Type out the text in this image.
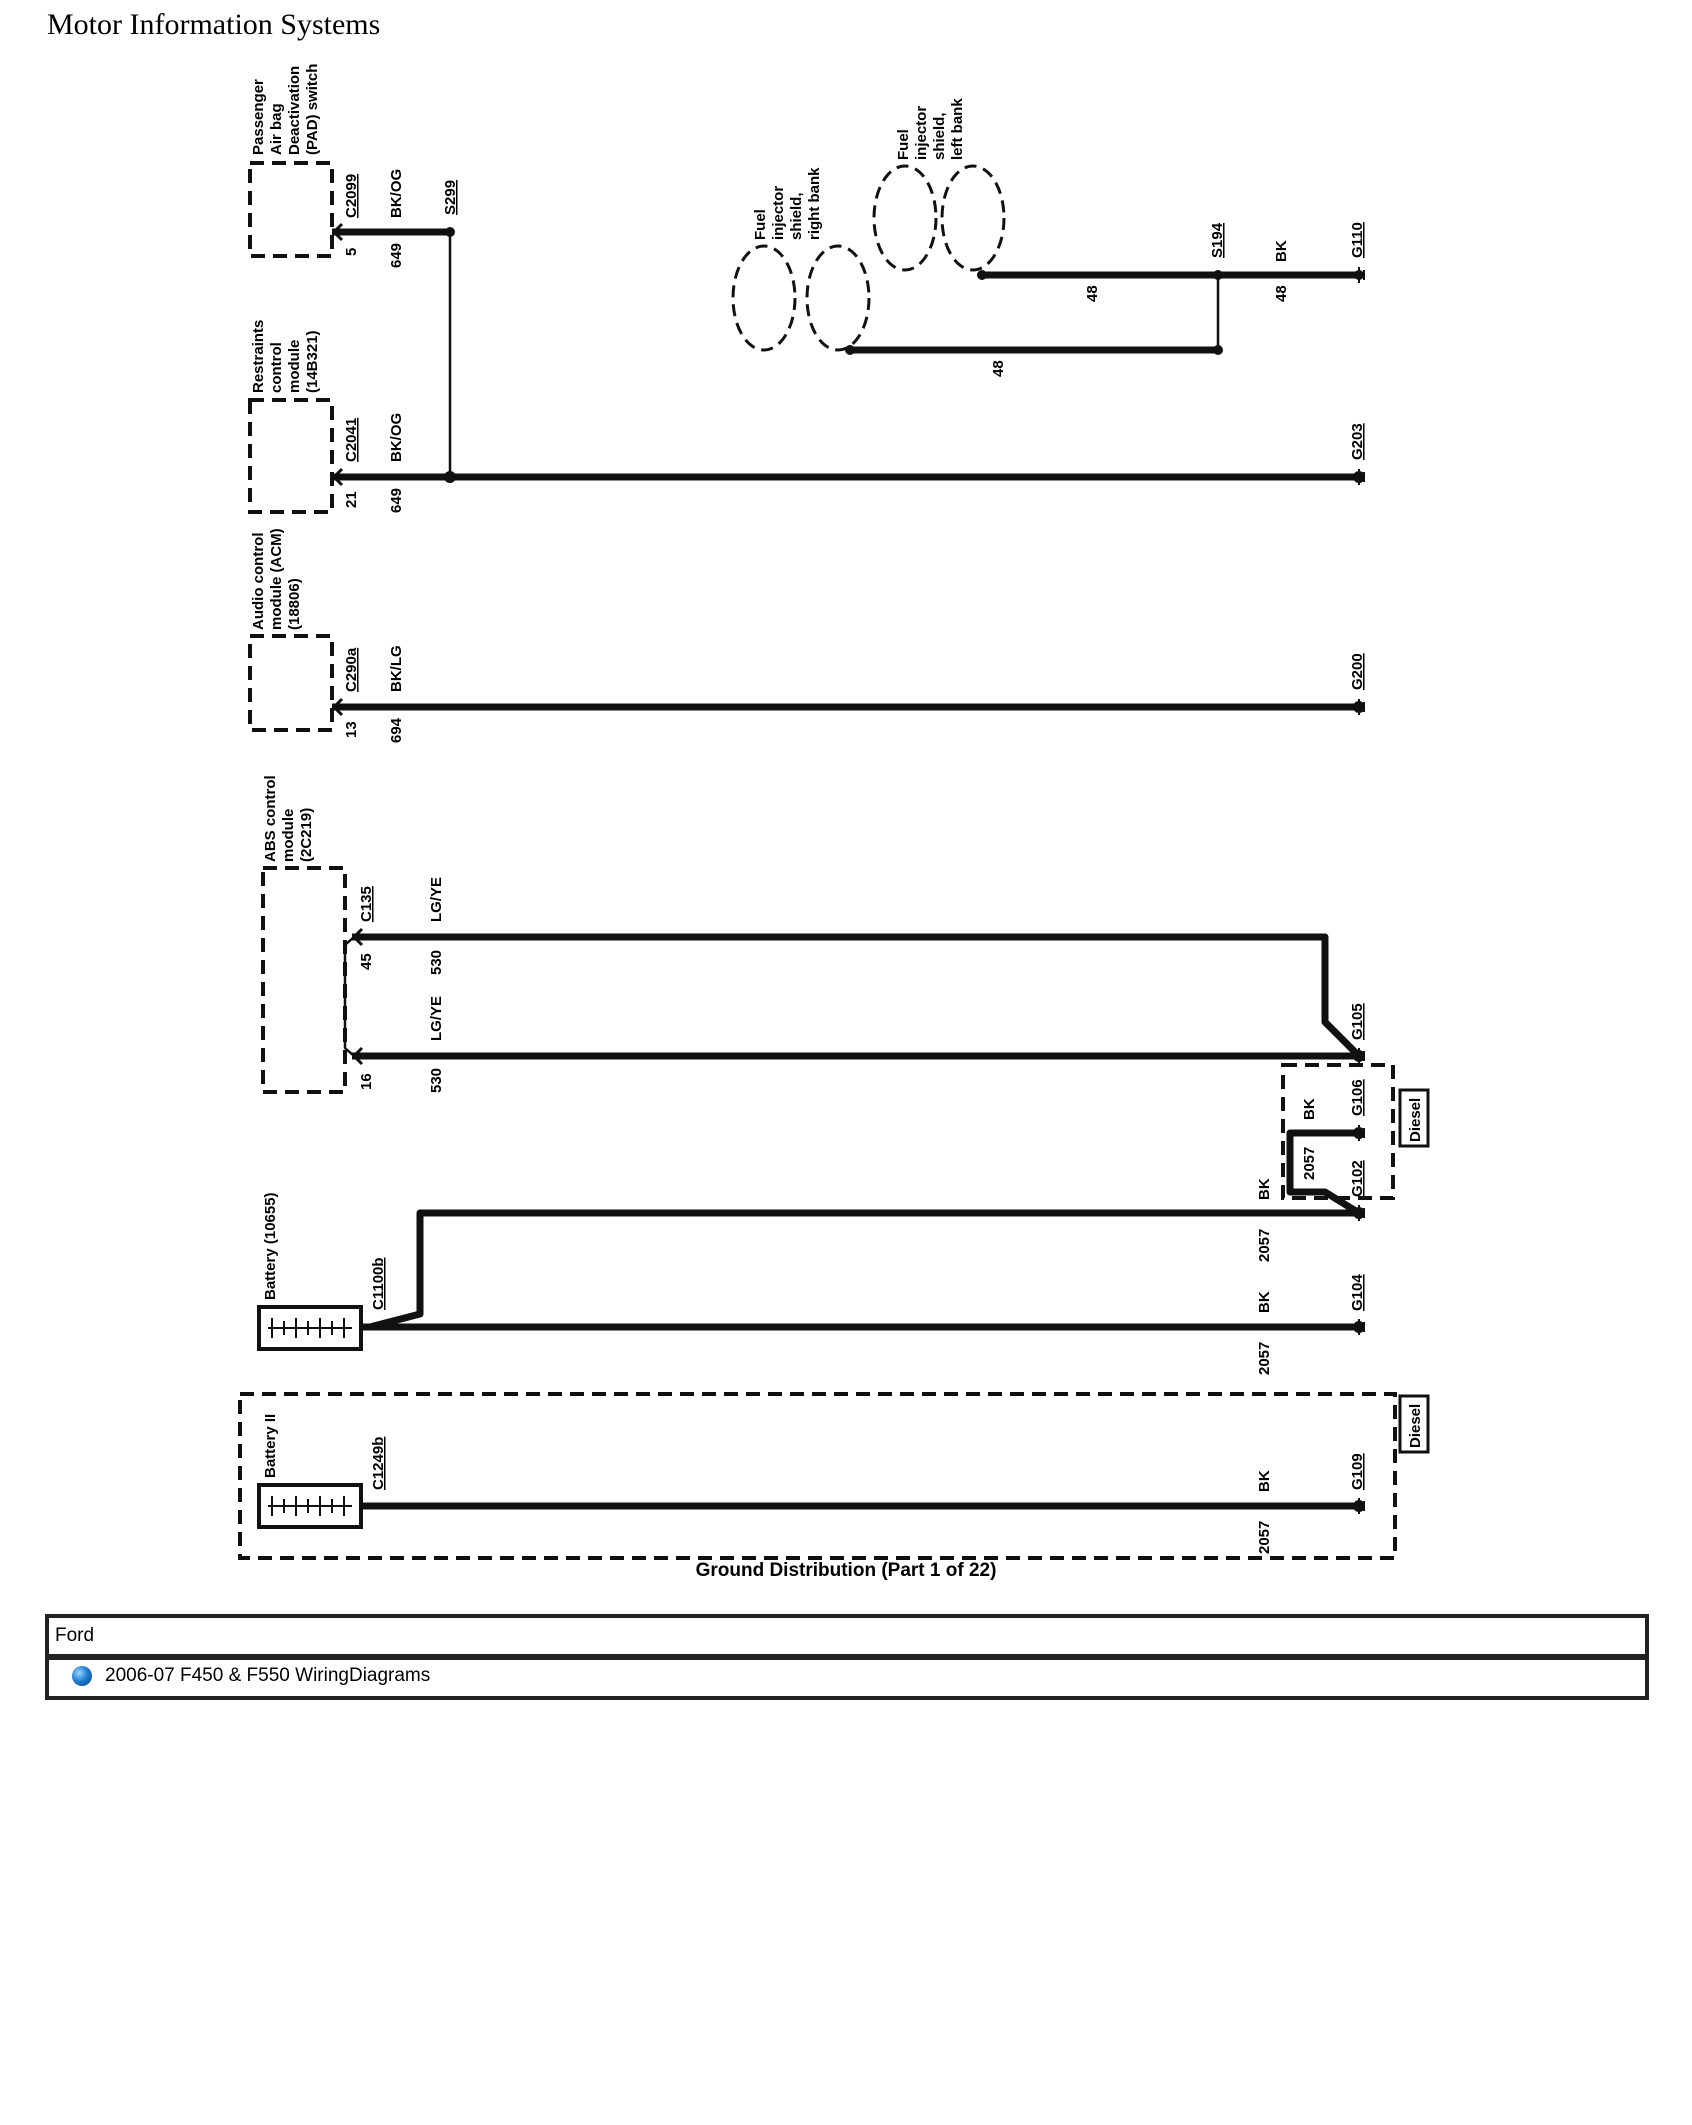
Motor Information Systems
Passenger Air bag Deactivation (PAD) switch
Restraints control module (14B321)
Audio control module (ACM) (18806)
ABS control module (2C219)
Battery (10655)
Battery II
Fuel injector shield, right bank
Fuel injector shield, left bank
Diesel
Diesel
C2099
C2041
C290a
C135
C1100b
C1249b
5
21
13
45
16
BK/OG
649
BK/OG
649
BK/LG
694
LG/YE
530
LG/YE
530
48	48
BK
48
BK
2057
BK
2057
BK
2057
BK
2057
S299
S194	G110
G203
G200
G105
G106
G102
G104
G109
Ground Distribution (Part 1 of 22)
Ford
2006-07 F450 & F550 WiringDiagrams
